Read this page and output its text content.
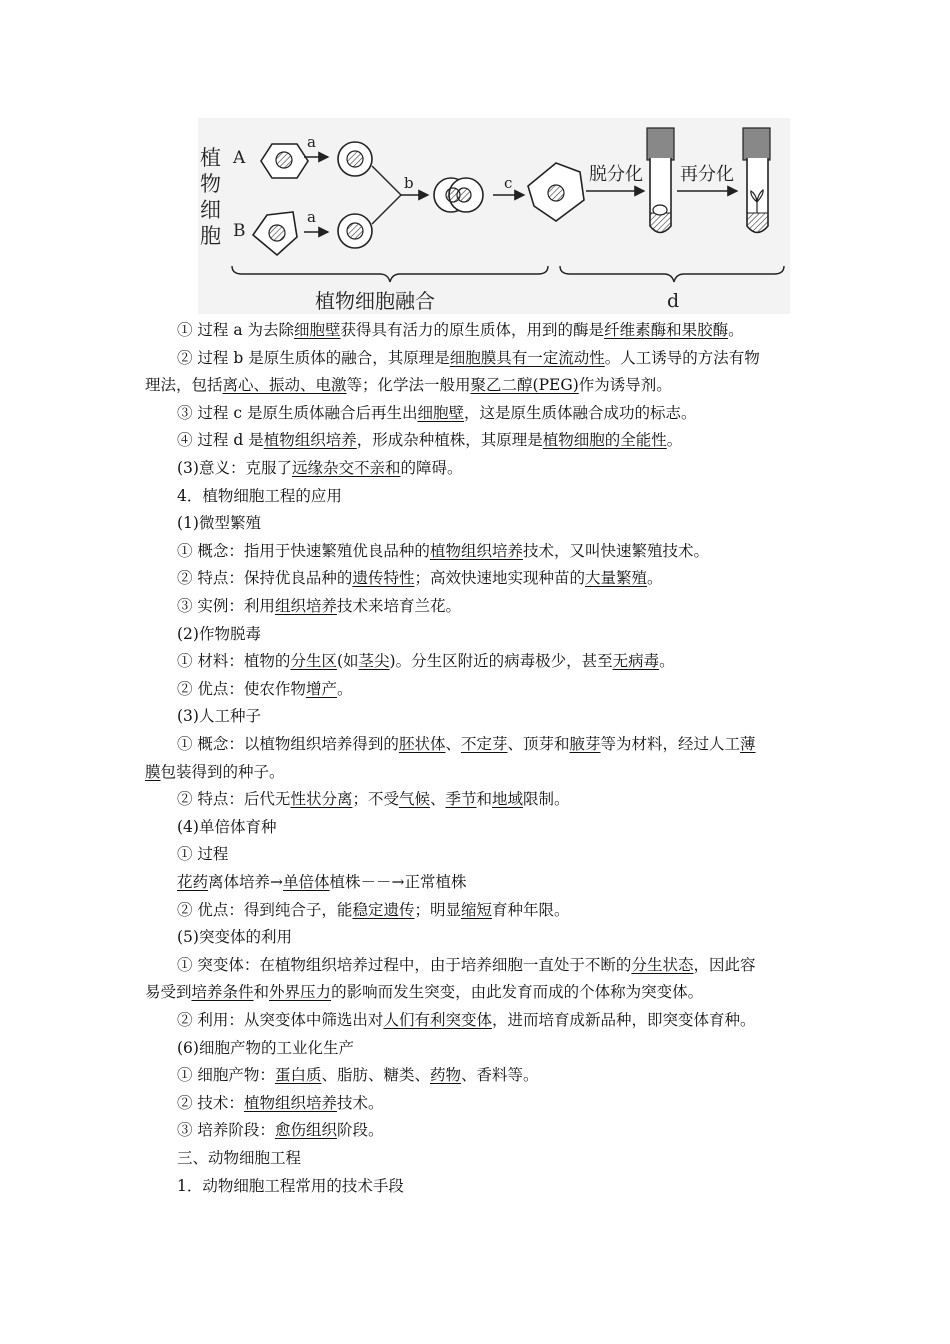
植
物
细
胞
A
a
B
a
b	c	脱分化 再分化
植物细胞融合	d
① 过程 a 为去除细胞壁获得具有活力的原生质体，用到的酶是纤维素酶和果胶酶。
② 过程 b 是原生质体的融合，其原理是细胞膜具有一定流动性。人工诱导的方法有物
理法，包括离心、振动、电激等；化学法一般用聚乙二醇(PEG)作为诱导剂。
③ 过程 c 是原生质体融合后再生出细胞壁，这是原生质体融合成功的标志。
④ 过程 d 是植物组织培养，形成杂种植株，其原理是植物细胞的全能性。
(3)意义：克服了远缘杂交不亲和的障碍。
4．植物细胞工程的应用
(1)微型繁殖
① 概念：指用于快速繁殖优良品种的植物组织培养技术，又叫快速繁殖技术。
② 特点：保持优良品种的遗传特性；高效快速地实现种苗的大量繁殖。
③ 实例：利用组织培养技术来培育兰花。
(2)作物脱毒
① 材料：植物的分生区(如茎尖)。分生区附近的病毒极少，甚至无病毒。
② 优点：使农作物增产。
(3)人工种子
① 概念：以植物组织培养得到的胚状体、不定芽、顶芽和腋芽等为材料，经过人工薄
膜包装得到的种子。
② 特点：后代无性状分离；不受气候、季节和地域限制。
(4)单倍体育种
① 过程
花药离体培养→单倍体植株－－→正常植株
② 优点：得到纯合子，能稳定遗传；明显缩短育种年限。
(5)突变体的利用
① 突变体：在植物组织培养过程中，由于培养细胞一直处于不断的分生状态，因此容
易受到培养条件和外界压力的影响而发生突变，由此发育而成的个体称为突变体。
② 利用：从突变体中筛选出对人们有利突变体，进而培育成新品种，即突变体育种。
(6)细胞产物的工业化生产
① 细胞产物：蛋白质、脂肪、糖类、药物、香料等。
② 技术：植物组织培养技术。
③ 培养阶段：愈伤组织阶段。
三、动物细胞工程
1．动物细胞工程常用的技术手段
